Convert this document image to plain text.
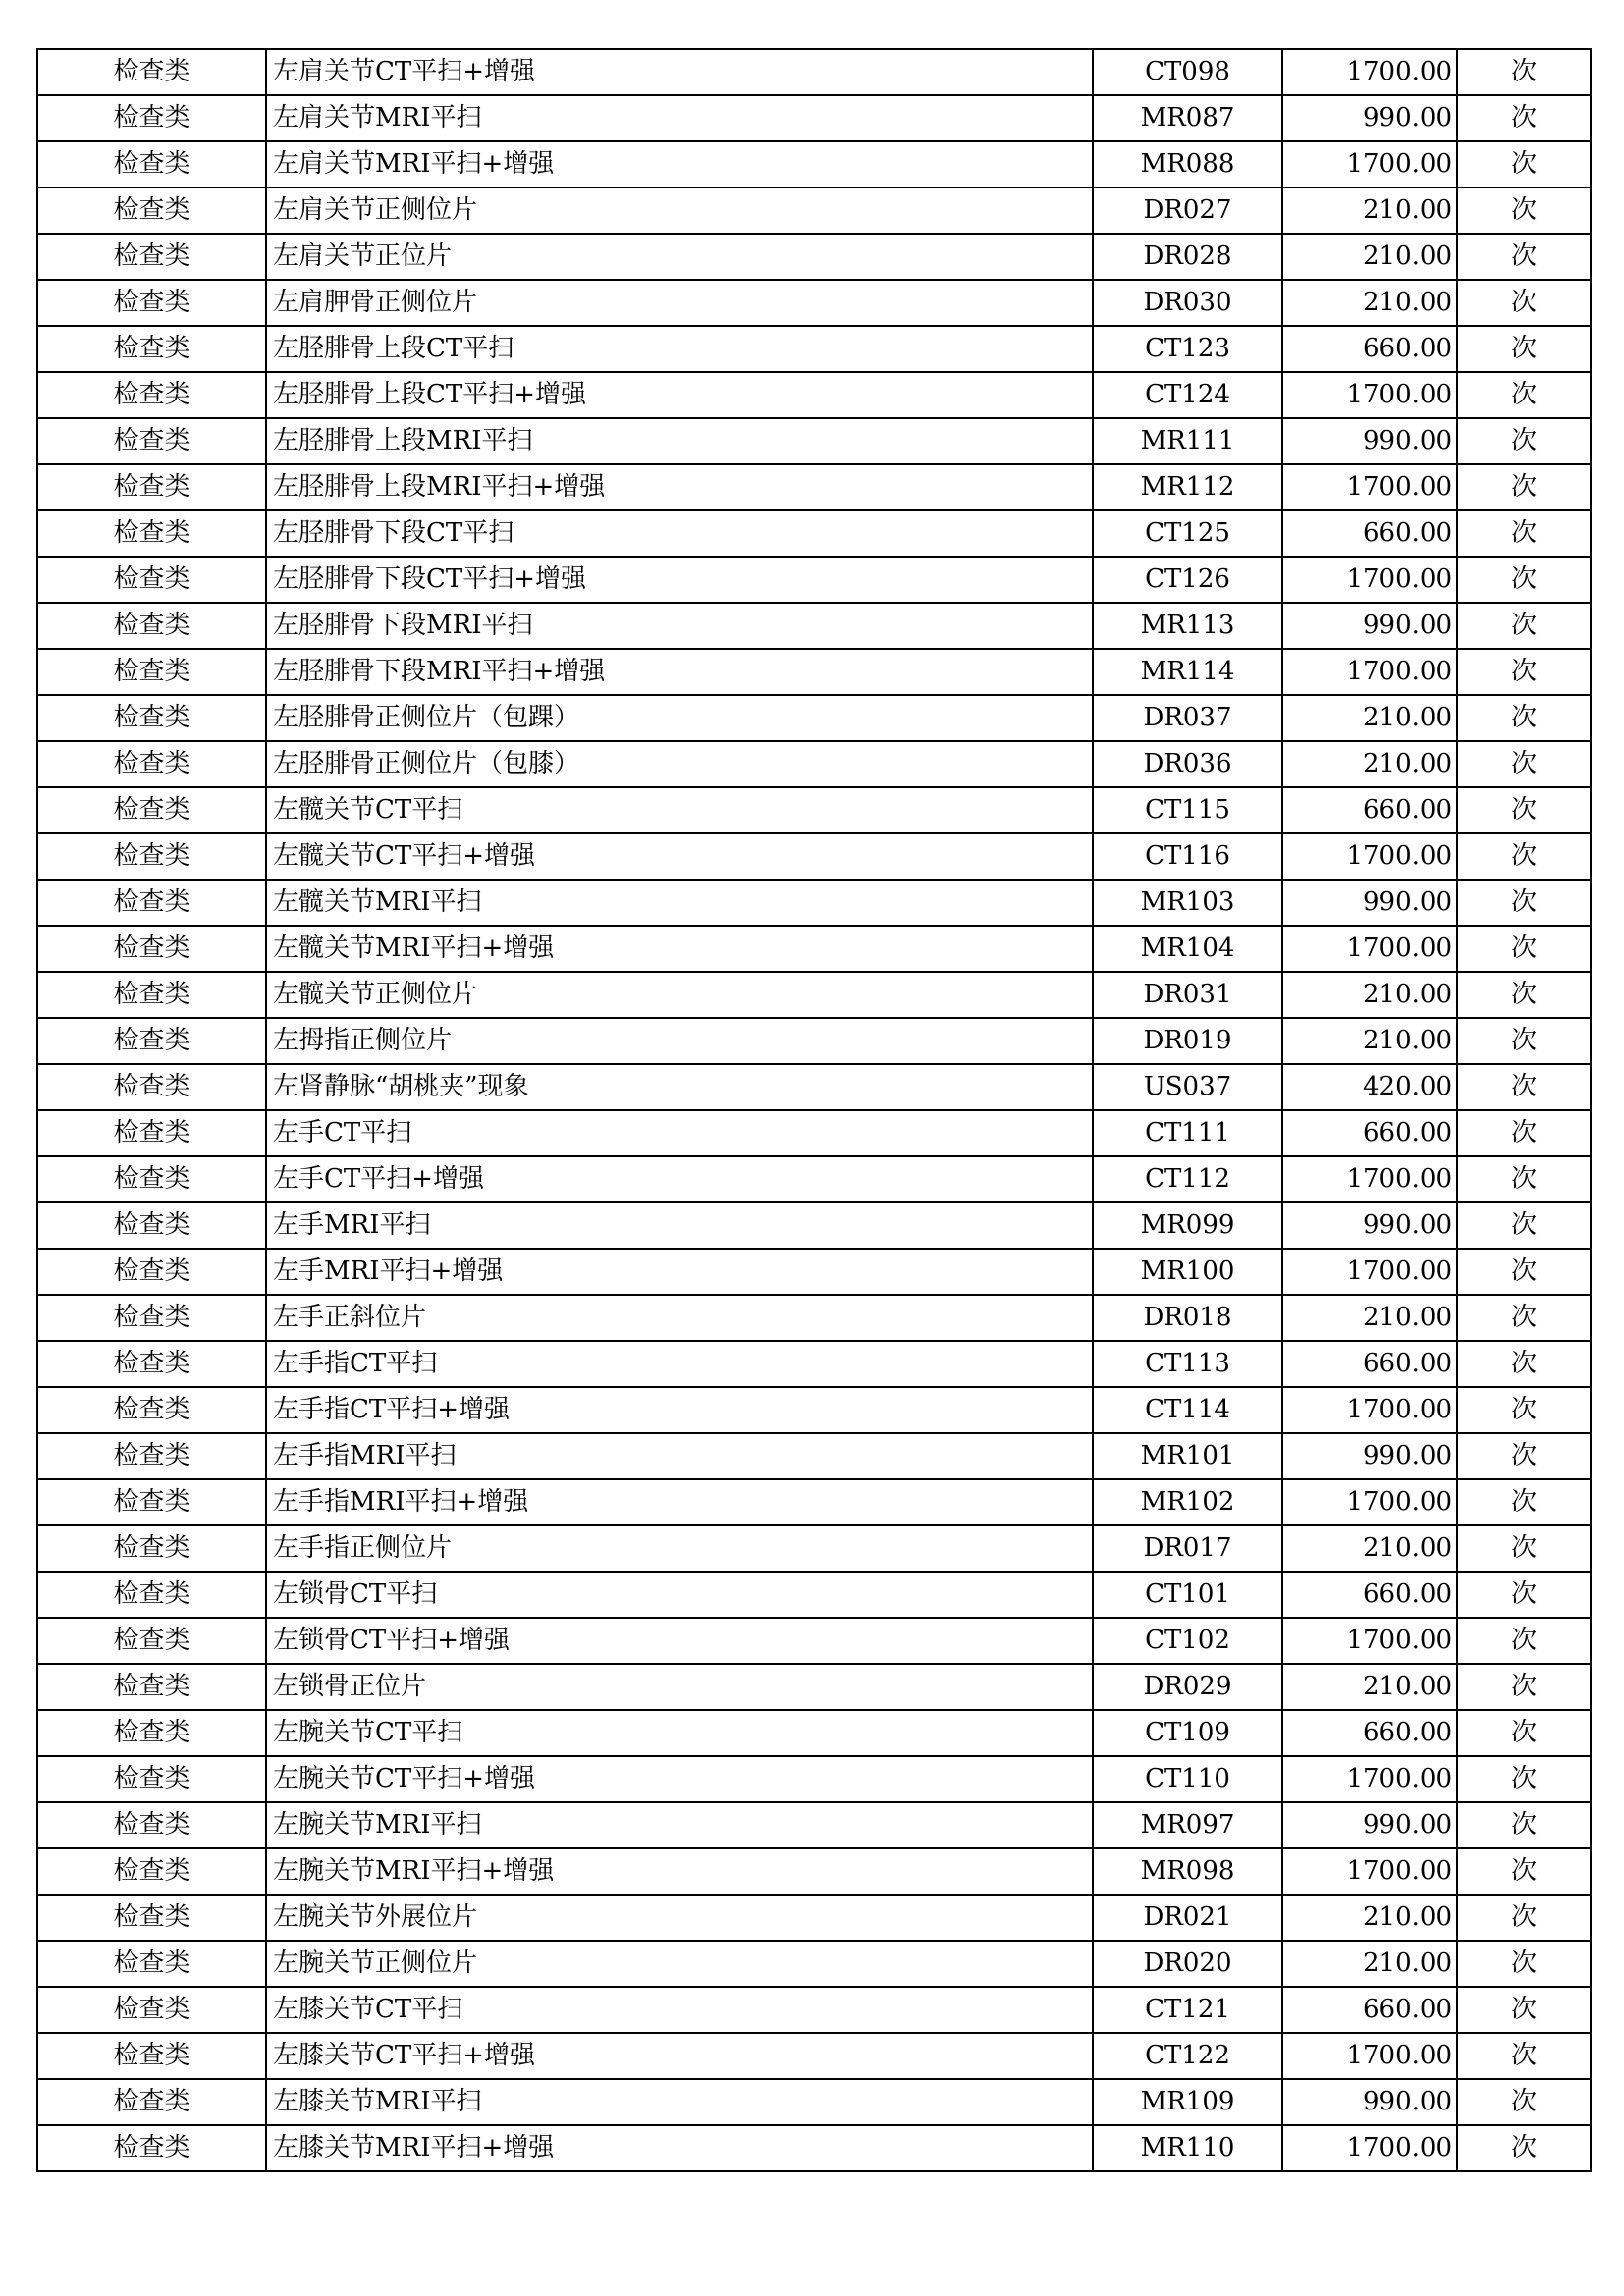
检查类	左肩关节CT平扫+增强	CT098	1700.00	次
检查类	左肩关节MRI平扫	MR087	990.00	次
检查类	左肩关节MRI平扫+增强	MR088	1700.00	次
检查类	左肩关节正侧位片	DR027	210.00	次
检查类	左肩关节正位片	DR028	210.00	次
检查类	左肩胛骨正侧位片	DR030	210.00	次
检查类	左胫腓骨上段CT平扫	CT123	660.00	次
检查类	左胫腓骨上段CT平扫+增强	CT124	1700.00	次
检查类	左胫腓骨上段MRI平扫	MR111	990.00	次
检查类	左胫腓骨上段MRI平扫+增强	MR112	1700.00	次
检查类	左胫腓骨下段CT平扫	CT125	660.00	次
检查类	左胫腓骨下段CT平扫+增强	CT126	1700.00	次
检查类	左胫腓骨下段MRI平扫	MR113	990.00	次
检查类	左胫腓骨下段MRI平扫+增强	MR114	1700.00	次
检查类	左胫腓骨正侧位片（包踝）	DR037	210.00	次
检查类	左胫腓骨正侧位片（包膝）	DR036	210.00	次
检查类	左髋关节CT平扫	CT115	660.00	次
检查类	左髋关节CT平扫+增强	CT116	1700.00	次
检查类	左髋关节MRI平扫	MR103	990.00	次
检查类	左髋关节MRI平扫+增强	MR104	1700.00	次
检查类	左髋关节正侧位片	DR031	210.00	次
检查类	左拇指正侧位片	DR019	210.00	次
检查类	左肾静脉“胡桃夹”现象	US037	420.00	次
检查类	左手CT平扫	CT111	660.00	次
检查类	左手CT平扫+增强	CT112	1700.00	次
检查类	左手MRI平扫	MR099	990.00	次
检查类	左手MRI平扫+增强	MR100	1700.00	次
检查类	左手正斜位片	DR018	210.00	次
检查类	左手指CT平扫	CT113	660.00	次
检查类	左手指CT平扫+增强	CT114	1700.00	次
检查类	左手指MRI平扫	MR101	990.00	次
检查类	左手指MRI平扫+增强	MR102	1700.00	次
检查类	左手指正侧位片	DR017	210.00	次
检查类	左锁骨CT平扫	CT101	660.00	次
检查类	左锁骨CT平扫+增强	CT102	1700.00	次
检查类	左锁骨正位片	DR029	210.00	次
检查类	左腕关节CT平扫	CT109	660.00	次
检查类	左腕关节CT平扫+增强	CT110	1700.00	次
检查类	左腕关节MRI平扫	MR097	990.00	次
检查类	左腕关节MRI平扫+增强	MR098	1700.00	次
检查类	左腕关节外展位片	DR021	210.00	次
检查类	左腕关节正侧位片	DR020	210.00	次
检查类	左膝关节CT平扫	CT121	660.00	次
检查类	左膝关节CT平扫+增强	CT122	1700.00	次
检查类	左膝关节MRI平扫	MR109	990.00	次
检查类	左膝关节MRI平扫+增强	MR110	1700.00	次
